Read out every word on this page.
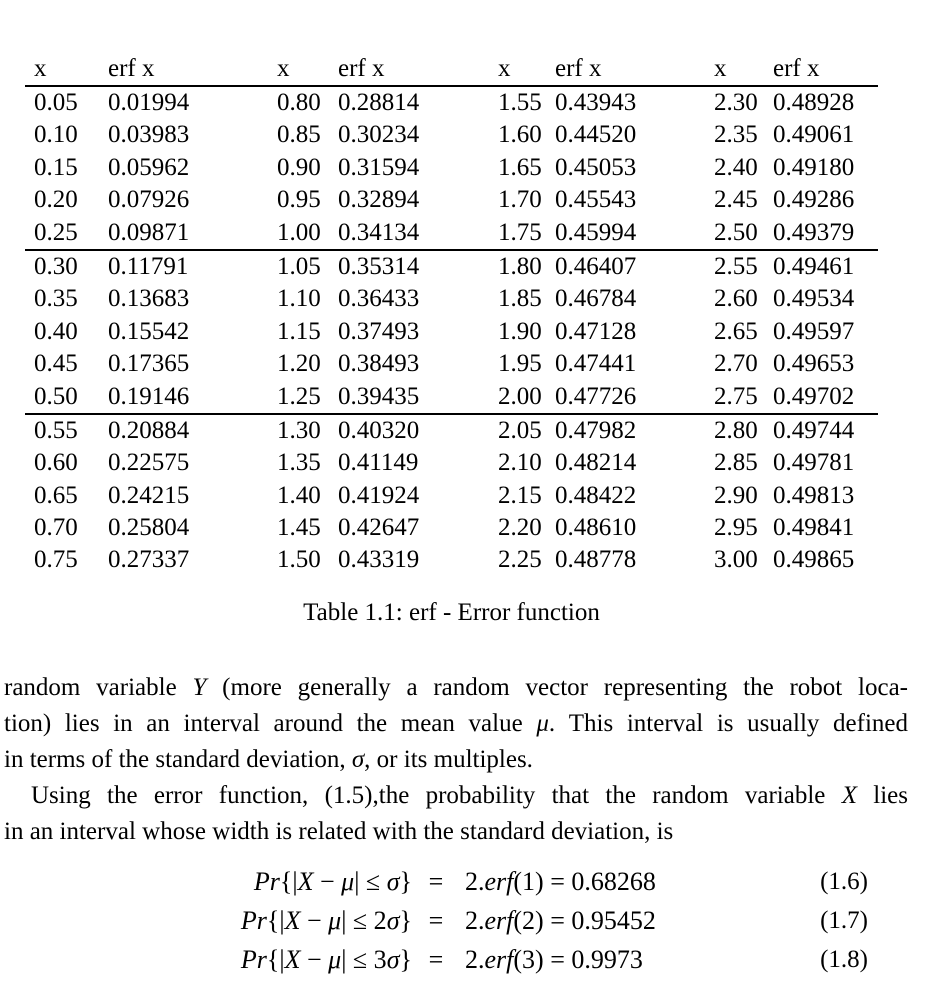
x	erf x	x	erf x	x	erf x	x	erf x
0.05	0.01994	0.80 0.28814	1.55 0.43943	2.30 0.48928
0.10	0.03983	0.85 0.30234	1.60 0.44520	2.35 0.49061
0.15	0.05962	0.90 0.31594	1.65 0.45053	2.40 0.49180
0.20	0.07926	0.95 0.32894	1.70 0.45543	2.45 0.49286
0.25	0.09871	1.00 0.34134	1.75 0.45994	2.50 0.49379
0.30	0.11791	1.05 0.35314	1.80 0.46407	2.55 0.49461
0.35	0.13683	1.10 0.36433	1.85 0.46784	2.60 0.49534
0.40	0.15542	1.15 0.37493	1.90 0.47128	2.65 0.49597
0.45	0.17365	1.20 0.38493	1.95 0.47441	2.70 0.49653
0.50	0.19146	1.25 0.39435	2.00 0.47726	2.75 0.49702
0.55	0.20884	1.30 0.40320	2.05 0.47982	2.80 0.49744
0.60	0.22575	1.35 0.41149	2.10 0.48214	2.85 0.49781
0.65	0.24215	1.40 0.41924	2.15 0.48422	2.90 0.49813
0.70	0.25804	1.45 0.42647	2.20 0.48610	2.95 0.49841
0.75	0.27337	1.50 0.43319	2.25 0.48778	3.00 0.49865
Table 1.1: erf - Error function
random variable Y (more generally a random vector representing the robot loca-
tion) lies in an interval around the mean value μ. This interval is usually defined
in terms of the standard deviation, σ, or its multiples.
Using the error function, (1.5),the probability that the random variable X lies
in an interval whose width is related with the standard deviation, is
Pr{|X − μ| ≤ σ} = 2.erf(1) = 0.68268	(1.6)
Pr{|X − μ| ≤ 2σ} = 2.erf(2) = 0.95452	(1.7)
Pr{|X − μ| ≤ 3σ} = 2.erf(3) = 0.9973	(1.8)
